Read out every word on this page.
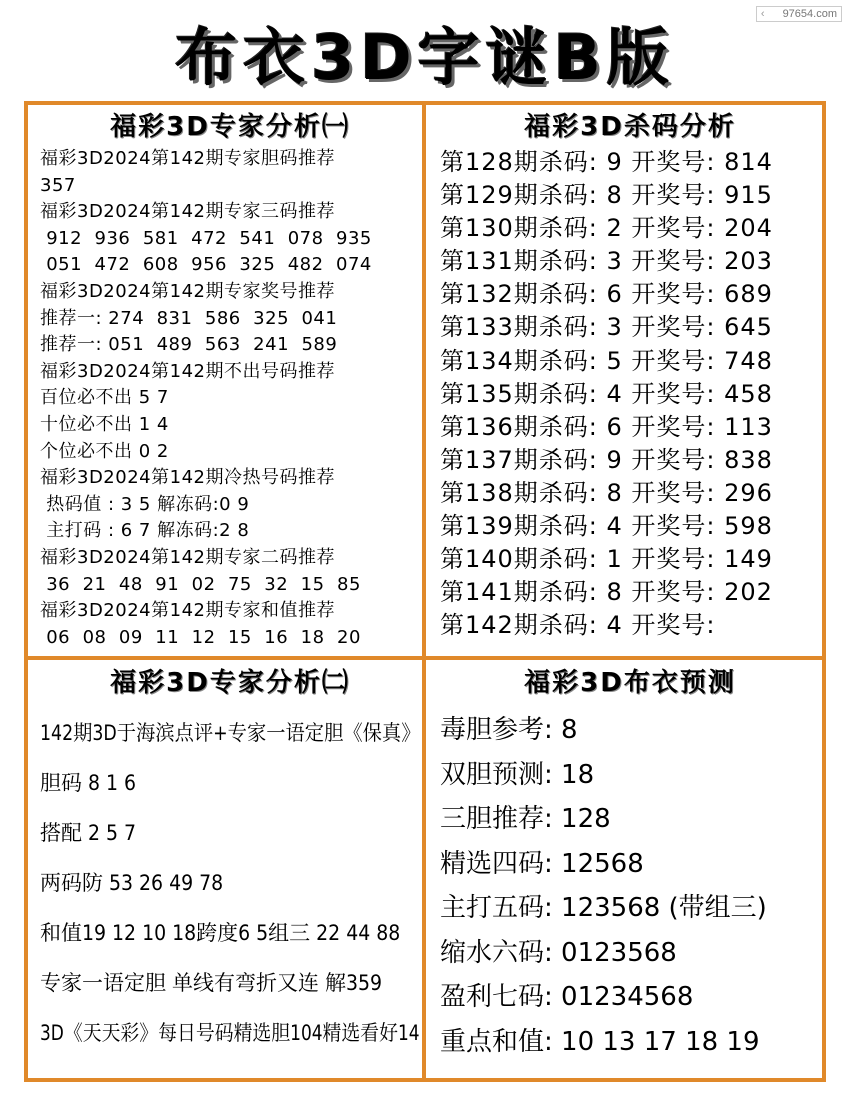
‹ 97654.com
布衣3D字谜B版
福彩3D专家分析㈠
福彩3D2024第142期专家胆码推荐
357
福彩3D2024第142期专家三码推荐
912  936  581  472  541  078  935
051  472  608  956  325  482  074
福彩3D2024第142期专家奖号推荐
推荐一: 274  831  586  325  041
推荐一: 051  489  563  241  589
福彩3D2024第142期不出号码推荐
百位必不出 5 7
十位必不出 1 4
个位必不出 0 2
福彩3D2024第142期冷热号码推荐
热码值 : 3 5 解冻码:0 9
主打码 : 6 7 解冻码:2 8
福彩3D2024第142期专家二码推荐
36  21  48  91  02  75  32  15  85
福彩3D2024第142期专家和值推荐
06  08  09  11  12  15  16  18  20
福彩3D杀码分析
第128期杀码: 9 开奖号: 814
第129期杀码: 8 开奖号: 915
第130期杀码: 2 开奖号: 204
第131期杀码: 3 开奖号: 203
第132期杀码: 6 开奖号: 689
第133期杀码: 3 开奖号: 645
第134期杀码: 5 开奖号: 748
第135期杀码: 4 开奖号: 458
第136期杀码: 6 开奖号: 113
第137期杀码: 9 开奖号: 838
第138期杀码: 8 开奖号: 296
第139期杀码: 4 开奖号: 598
第140期杀码: 1 开奖号: 149
第141期杀码: 8 开奖号: 202
第142期杀码: 4 开奖号:
福彩3D专家分析㈡
142期3D于海滨点评+专家一语定胆《保真》
胆码 8 1 6
搭配 2 5 7
两码防 53 26 49 78
和值19 12 10 18跨度6 5组三 22 44 88
专家一语定胆 单线有弯折又连 解359
3D《天天彩》每日号码精选胆104精选看好14
福彩3D布衣预测
毒胆参考: 8
双胆预测: 18
三胆推荐: 128
精选四码: 12568
主打五码: 123568 (带组三)
缩水六码: 0123568
盈利七码: 01234568
重点和值: 10 13 17 18 19
